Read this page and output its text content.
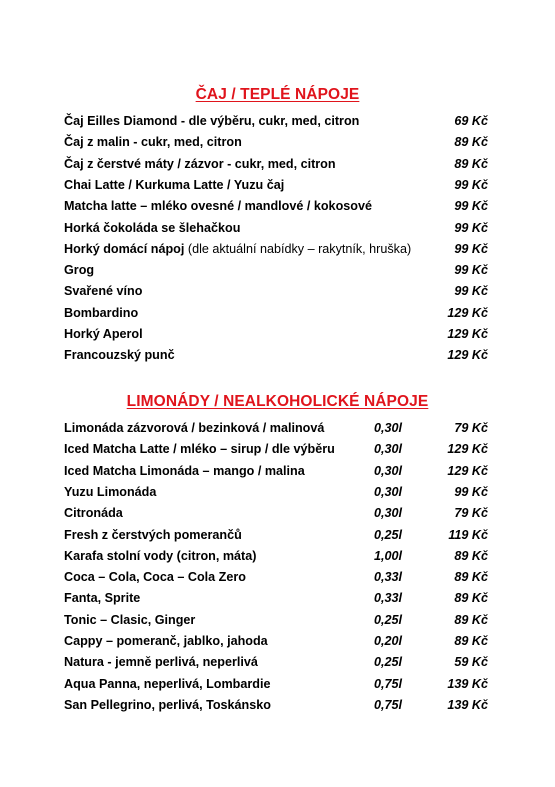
ČAJ / TEPLÉ NÁPOJE
Čaj Eilles Diamond - dle výběru, cukr, med, citron	69 Kč
Čaj z malin - cukr, med, citron	89 Kč
Čaj z čerstvé máty / zázvor - cukr, med, citron	89 Kč
Chai Latte / Kurkuma Latte / Yuzu čaj	99 Kč
Matcha latte – mléko ovesné / mandlové / kokosové	99 Kč
Horká čokoláda se šlehačkou	99 Kč
Horký domácí nápoj (dle aktuální nabídky – rakytník, hruška)	99 Kč
Grog	99 Kč
Svařené víno	99 Kč
Bombardino	129 Kč
Horký Aperol	129 Kč
Francouzský punč	129 Kč
LIMONÁDY / NEALKOHOLICKÉ NÁPOJE
Limonáda zázvorová / bezinková / malinová	0,30l	79 Kč
Iced Matcha Latte / mléko – sirup / dle výběru	0,30l	129 Kč
Iced Matcha Limonáda – mango / malina	0,30l	129 Kč
Yuzu Limonáda	0,30l	99 Kč
Citronáda	0,30l	79 Kč
Fresh z čerstvých pomerančů	0,25l	119 Kč
Karafa stolní vody (citron, máta)	1,00l	89 Kč
Coca – Cola, Coca – Cola Zero	0,33l	89 Kč
Fanta, Sprite	0,33l	89 Kč
Tonic – Clasic, Ginger	0,25l	89 Kč
Cappy – pomeranč, jablko, jahoda	0,20l	89 Kč
Natura - jemně perlivá, neperlivá	0,25l	59 Kč
Aqua Panna, neperlivá, Lombardie	0,75l	139 Kč
San Pellegrino, perlivá, Toskánsko	0,75l	139 Kč
